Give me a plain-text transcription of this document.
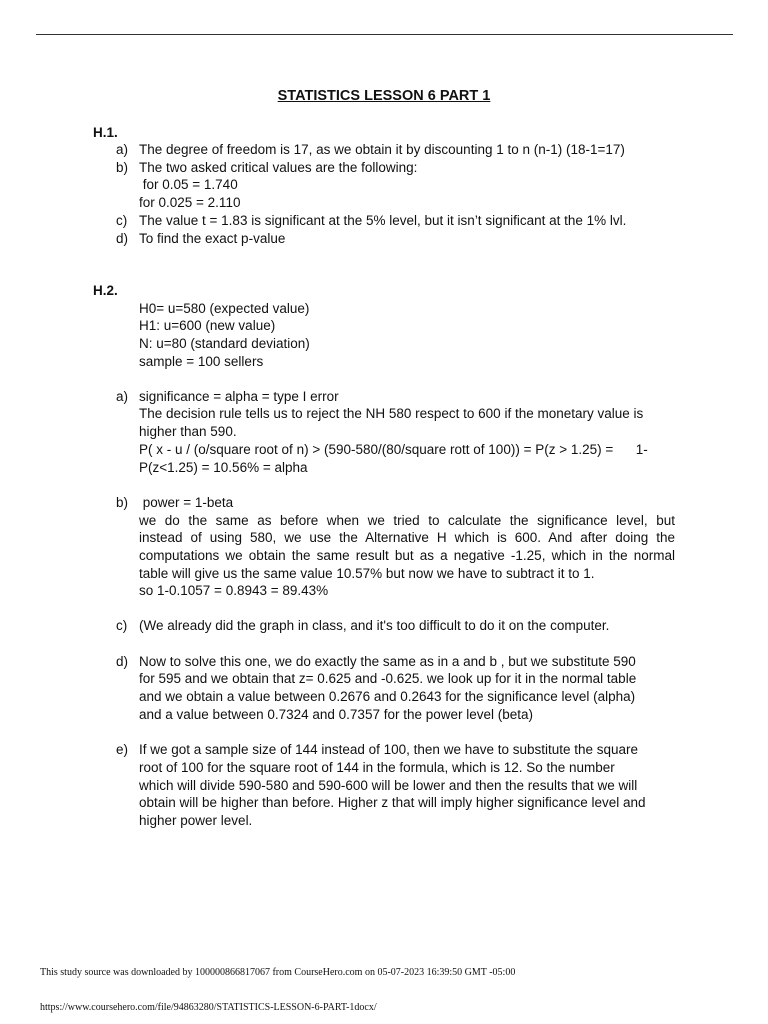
STATISTICS LESSON 6 PART 1
H.1.
a) The degree of freedom is 17, as we obtain it by discounting 1 to n (n-1) (18-1=17)
b) The two asked critical values are the following:
for 0.05 = 1.740
for 0.025 = 2.110
c) The value t = 1.83 is significant at the 5% level, but it isn’t significant at the 1% lvl.
d) To find the exact p-value
H.2.
H0= u=580 (expected value)
H1: u=600 (new value)
N: u=80 (standard deviation)
sample = 100 sellers
a) significance = alpha = type I error
The decision rule tells us to reject the NH 580 respect to 600 if the monetary value is
higher than 590.
P( x - u / (o/square root of n) > (590-580/(80/square rott of 100)) = P(z > 1.25) =      1-
P(z<1.25) = 10.56% = alpha
b) power = 1-beta
we do the same as before when we tried to calculate the significance level, but
instead of using 580, we use the Alternative H which is 600. And after doing the
computations we obtain the same result but as a negative -1.25, which in the normal
table will give us the same value 10.57% but now we have to subtract it to 1.
so 1-0.1057 = 0.8943 = 89.43%
c) (We already did the graph in class, and it's too difficult to do it on the computer.
d) Now to solve this one, we do exactly the same as in a and b , but we substitute 590
for 595 and we obtain that z= 0.625 and -0.625. we look up for it in the normal table
and we obtain a value between 0.2676 and 0.2643 for the significance level (alpha)
and a value between 0.7324 and 0.7357 for the power level (beta)
e) If we got a sample size of 144 instead of 100, then we have to substitute the square
root of 100 for the square root of 144 in the formula, which is 12. So the number
which will divide 590-580 and 590-600 will be lower and then the results that we will
obtain will be higher than before. Higher z that will imply higher significance level and
higher power level.
This study source was downloaded by 100000866817067 from CourseHero.com on 05-07-2023 16:39:50 GMT -05:00
https://www.coursehero.com/file/94863280/STATISTICS-LESSON-6-PART-1docx/
